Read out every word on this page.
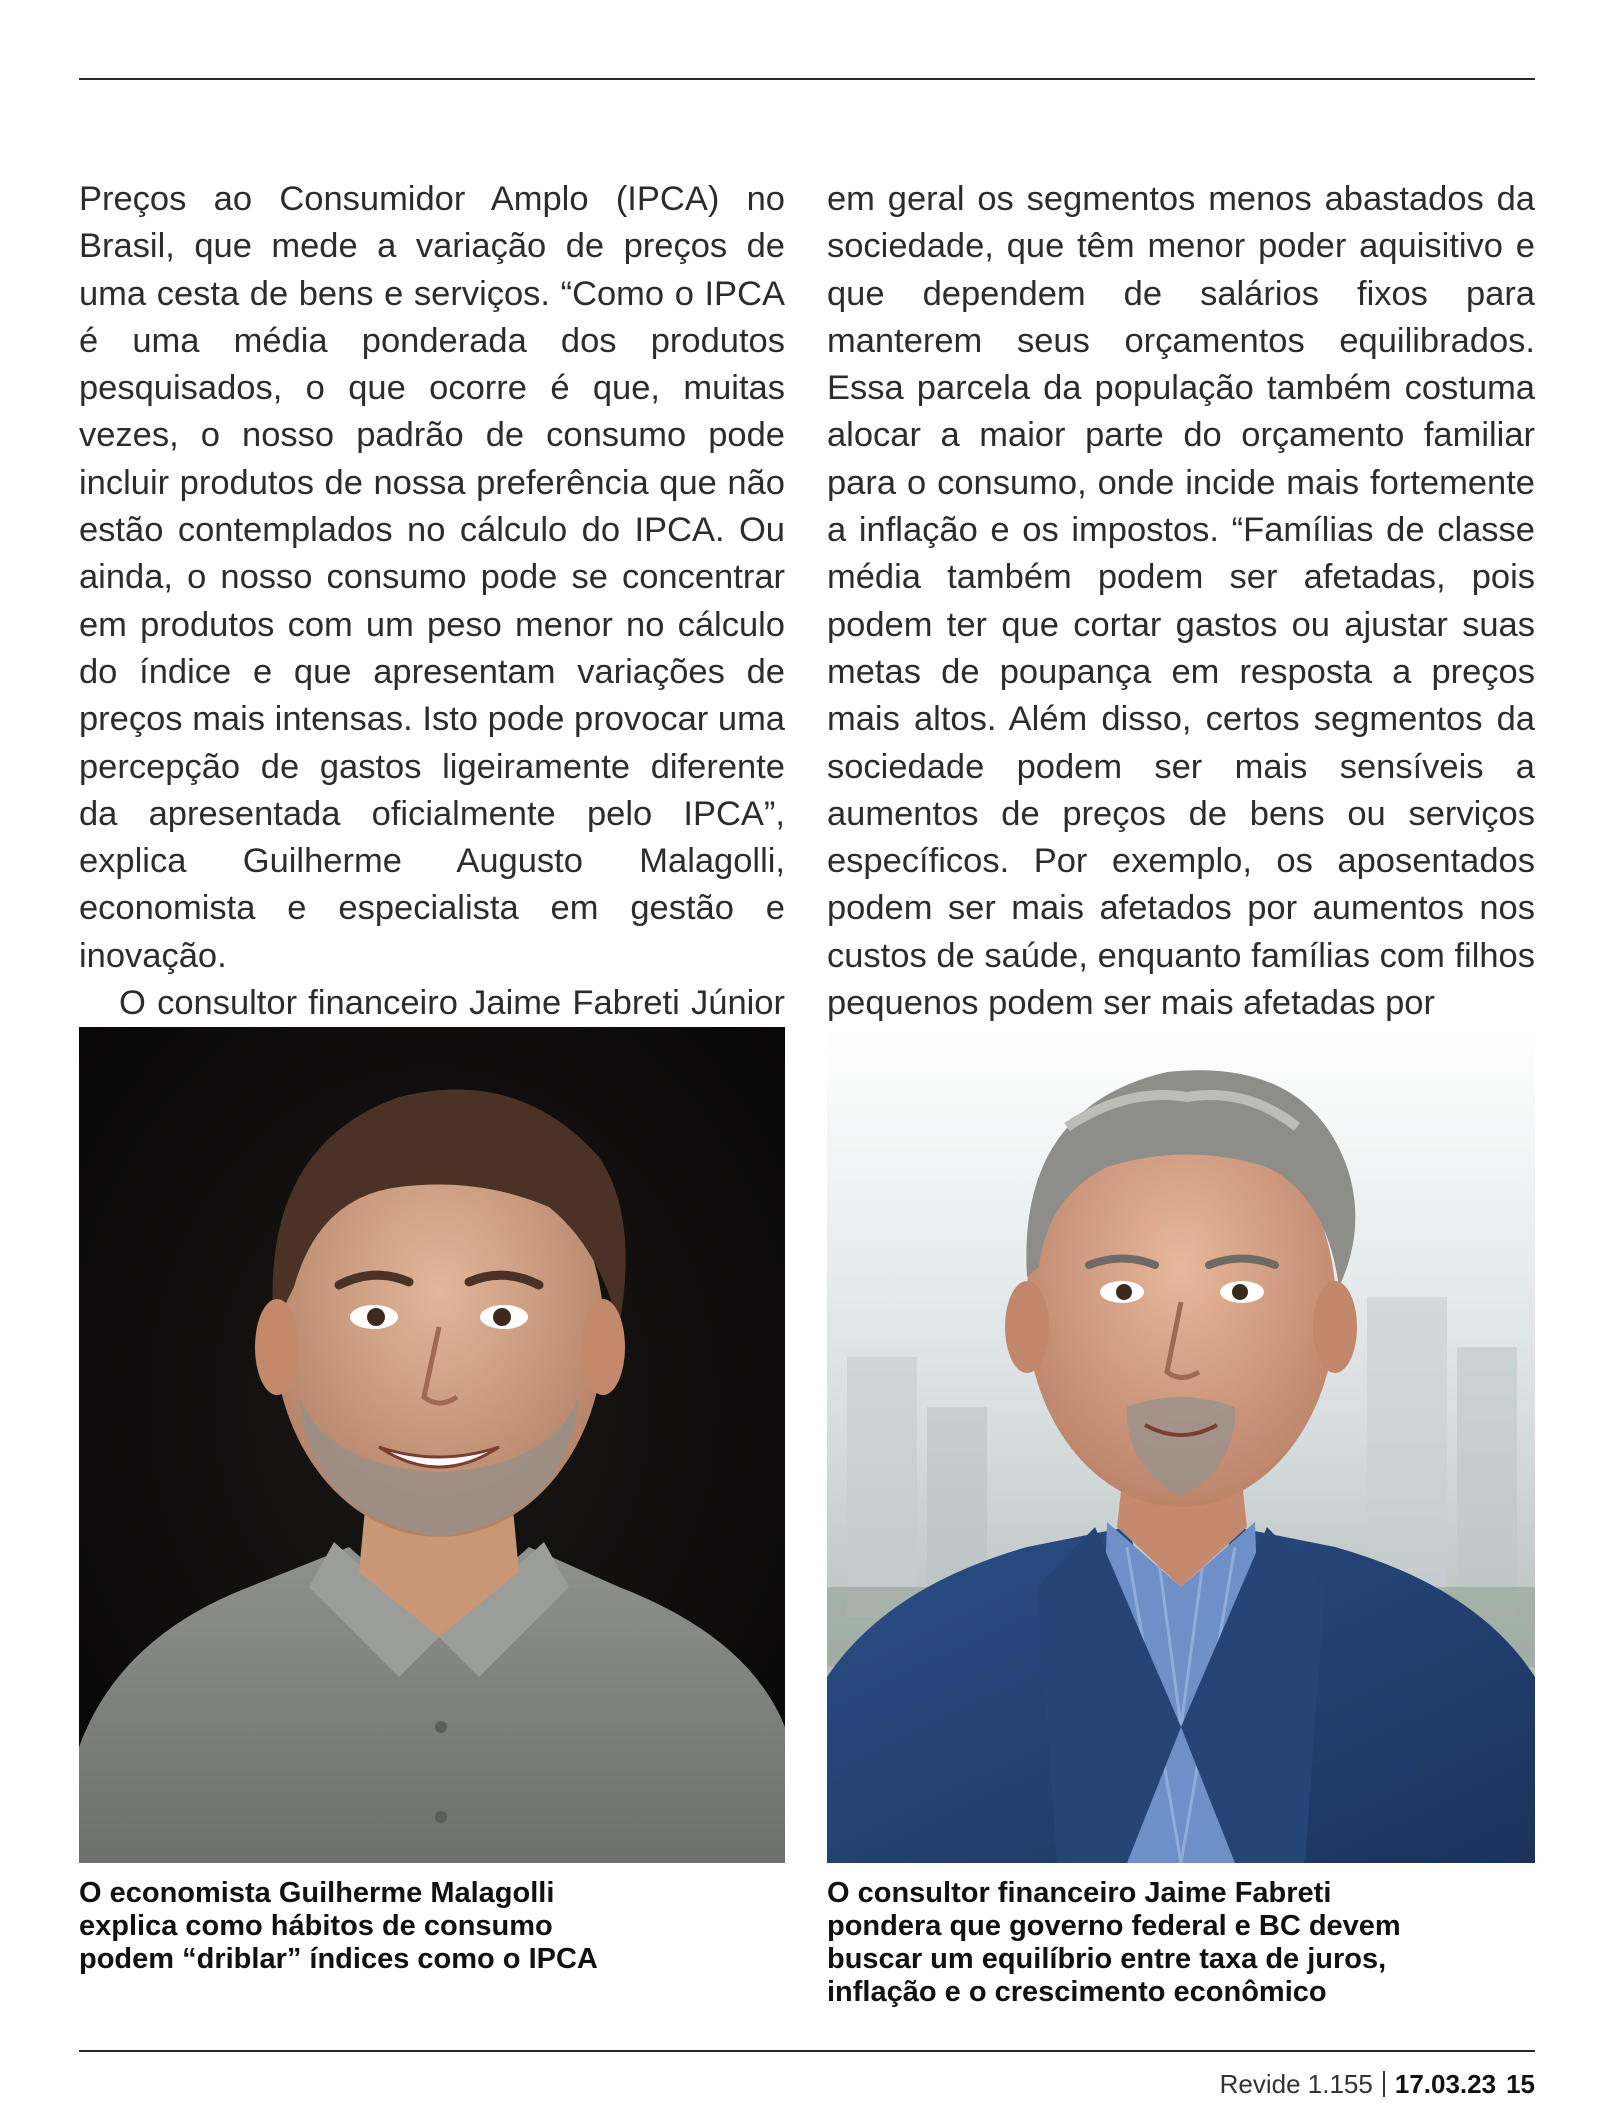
Preços ao Consumidor Amplo (IPCA) no Brasil, que mede a variação de preços de uma cesta de bens e serviços. “Como o IPCA é uma média ponderada dos produtos pesquisados, o que ocorre é que, muitas vezes, o nosso padrão de consumo pode incluir produtos de nossa preferência que não estão contemplados no cálculo do IPCA. Ou ainda, o nosso consumo pode se concentrar em produtos com um peso menor no cálculo do índice e que apresentam variações de preços mais intensas. Isto pode provocar uma percepção de gastos ligeiramente diferente da apresentada oficialmente pelo IPCA”, explica Guilherme Augusto Malagolli, economista e especialista em gestão e inovação.

O consultor financeiro Jaime Fabreti Júnior

em geral os segmentos menos abastados da sociedade, que têm menor poder aquisitivo e que dependem de salários fixos para manterem seus orçamentos equilibrados. Essa parcela da população também costuma alocar a maior parte do orçamento familiar para o consumo, onde incide mais fortemente a inflação e os impostos. “Famílias de classe média também podem ser afetadas, pois podem ter que cortar gastos ou ajustar suas metas de poupança em resposta a preços mais altos. Além disso, certos segmentos da sociedade podem ser mais sensíveis a aumentos de preços de bens ou serviços específicos. Por exemplo, os aposentados podem ser mais afetados por aumentos nos custos de saúde, enquanto famílias com filhos pequenos podem ser mais afetadas por

O economista Guilherme Malagolli explica como hábitos de consumo podem “driblar” índices como o IPCA
O consultor financeiro Jaime Fabreti pondera que governo federal e BC devem buscar um equilíbrio entre taxa de juros, inflação e o crescimento econômico
Revide 1.155 17.03.23 15
